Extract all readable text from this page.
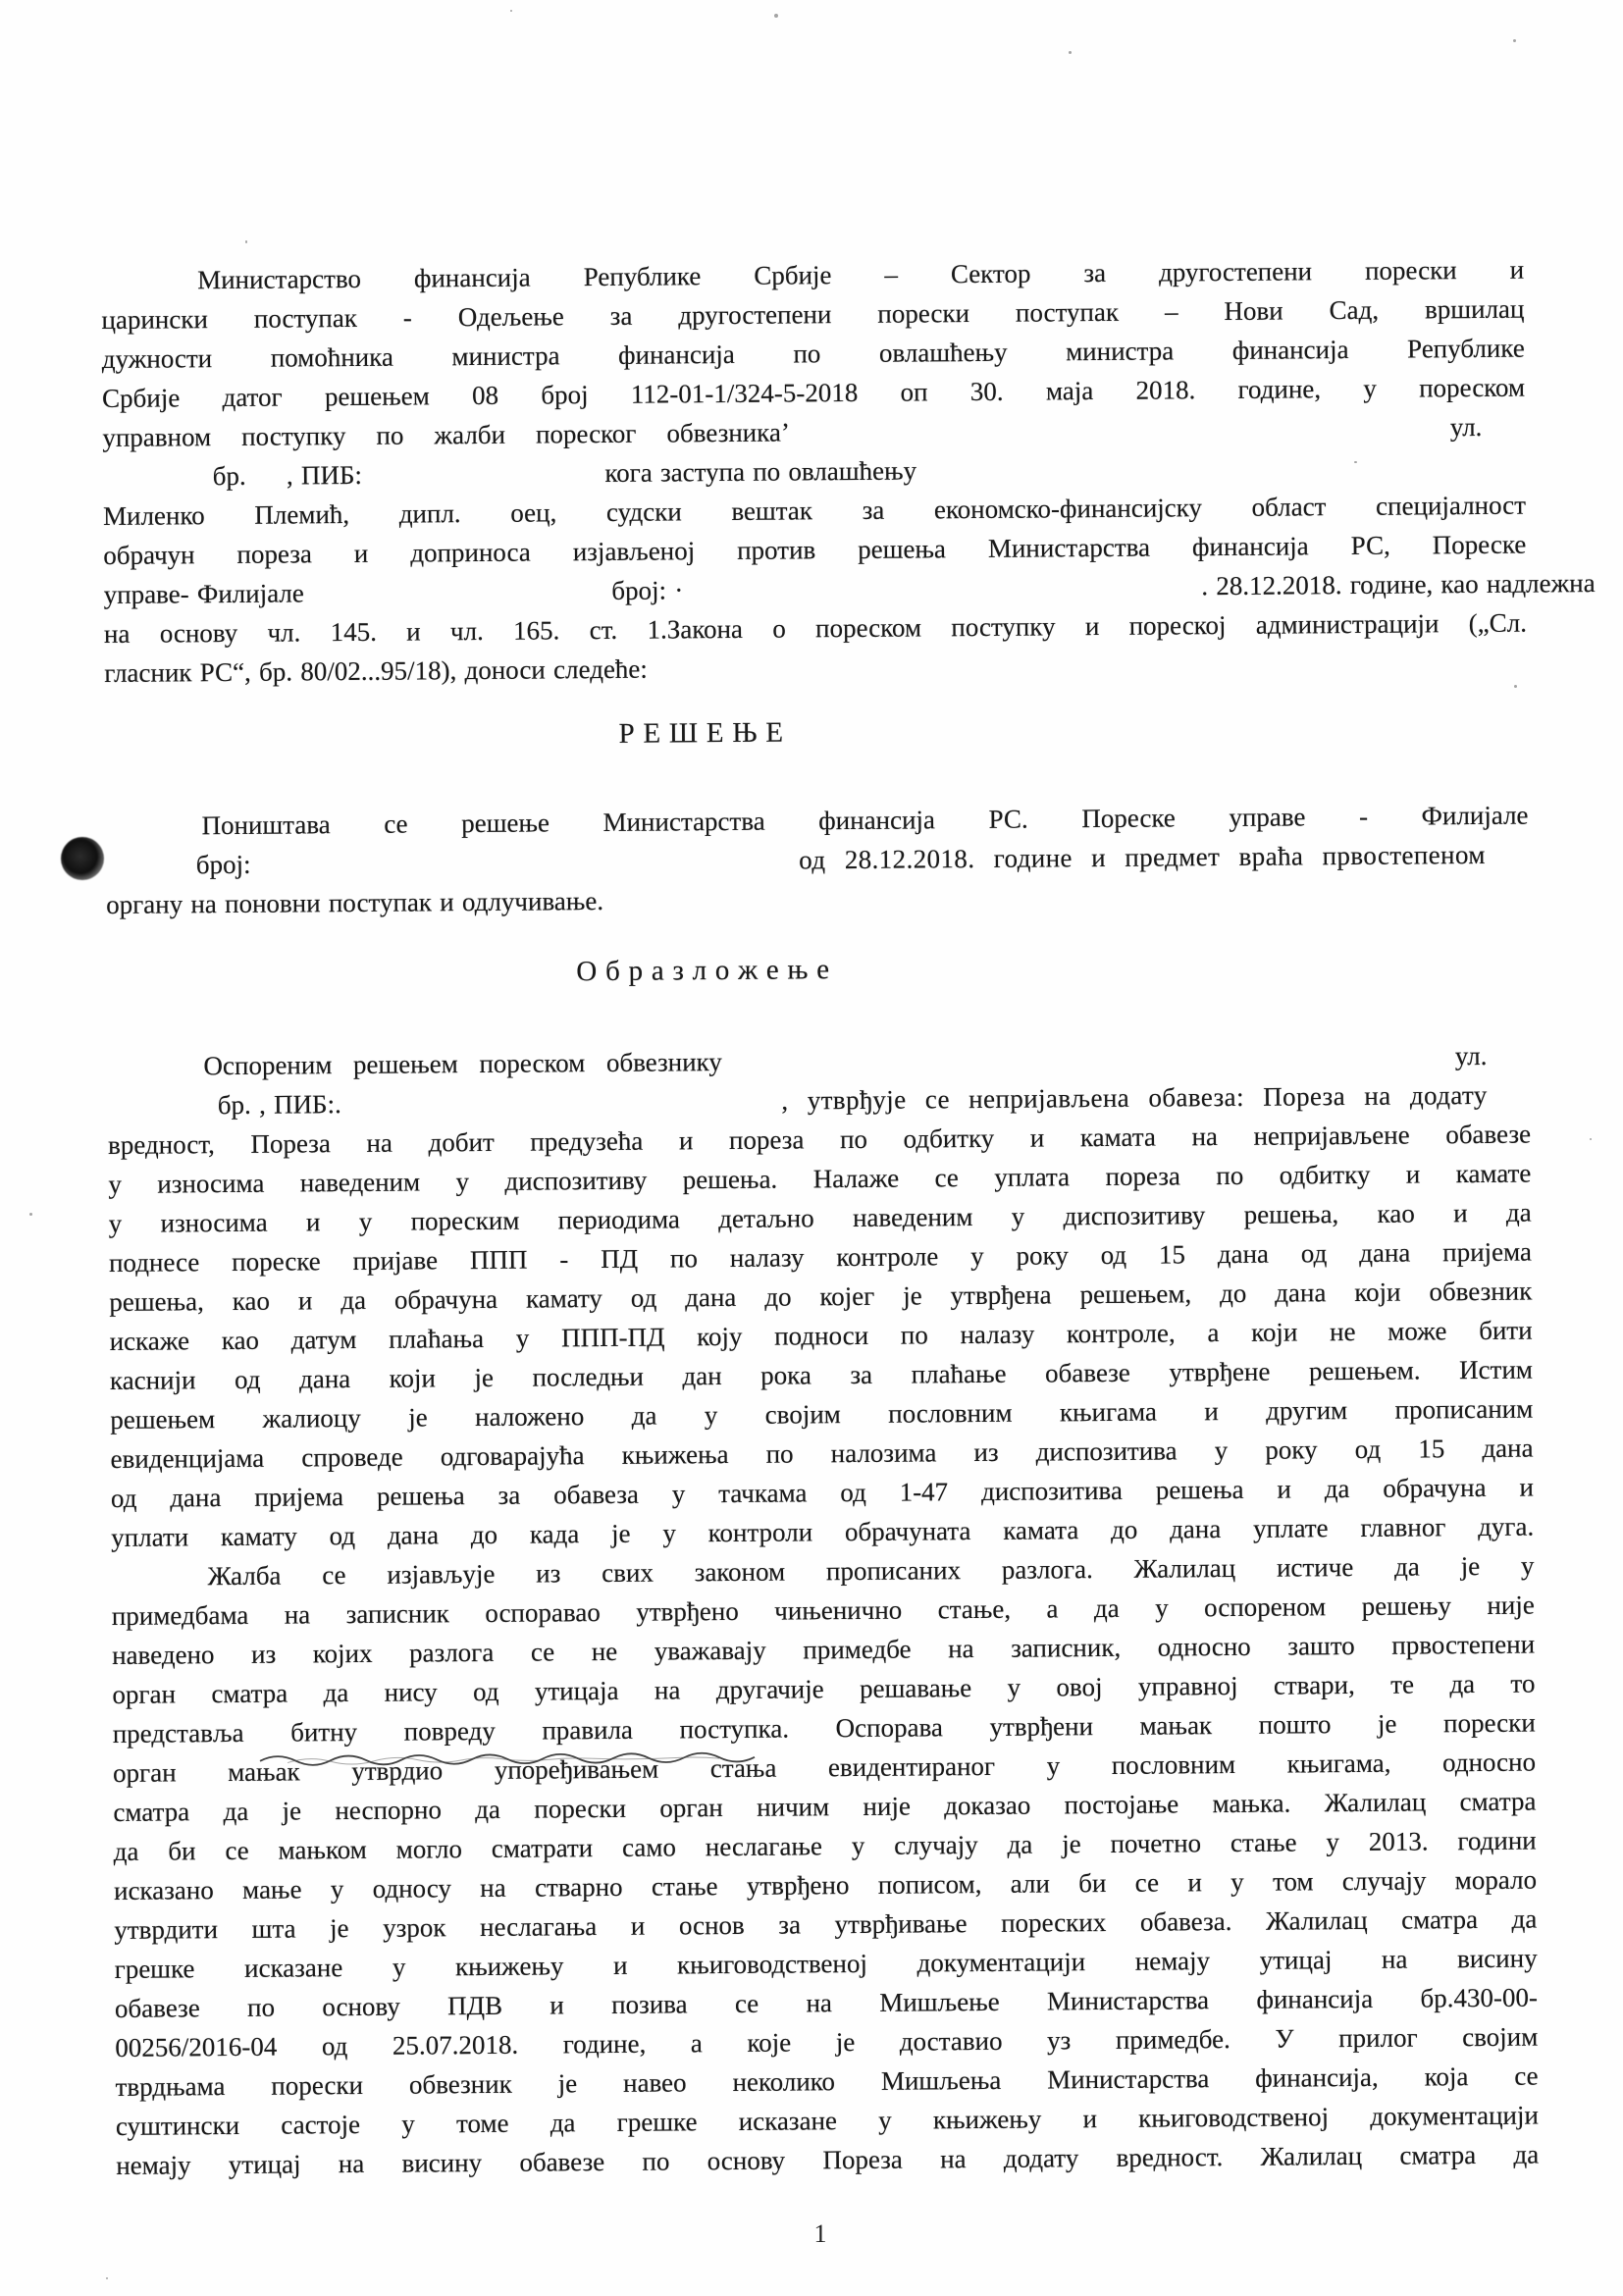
Министарство финансија Републике Србије – Сектор за другостепени порески и
царински поступак - Одељење за другостепени порески поступак – Нови Сад, вршилац
дужности помоћника министра финансија по овлашћењу министра финансија Републике
Србије датог решењем 08 број 112-01-1/324-5-2018 оп 30. маја 2018. године, у пореском
управном поступку по жалби пореског обвезника’	ул.
бр.     , ПИБ:                              кога заступа по овлашћењу
Миленко Племић, дипл. оец, судски вештак за економско-финансијску област специјалност
обрачун пореза и доприноса изјављеној против решења Министарства финансија РС, Пореске
управе- Филијале                                      број: ·                                                                . 28.12.2018. године, као надлежна
на основу чл. 145. и чл. 165. ст. 1.Закона о пореском поступку и пореској администрацији („Сл.
гласник РС“, бр. 80/02...95/18), доноси следеће:
Р Е Ш Е Њ Е
Поништава се решење Министарства финансија РС. Пореске управе - Филијале
број:	од 28.12.2018. године и предмет враћа првостепеном
органу на поновни поступак и одлучивање.
О б р а з л о ж е њ е
Оспореним решењем пореском обвезнику	ул.
бр. , ПИБ:.	, утврђује се непријављена обавеза: Пореза на додату
вредност, Пореза на добит предузећа и пореза по одбитку и камата на непријављене обавезе
у износима наведеним у диспозитиву решења. Налаже се уплата пореза по одбитку и камате
у износима и у пореским периодима детаљно наведеним у диспозитиву решења, као и да
поднесе пореске пријаве ППП - ПД по налазу контроле у року од 15 дана од дана пријема
решења, као и да обрачуна камату од дана до којег је утврђена решењем, до дана који обвезник
искаже као датум плаћања у ППП-ПД коју подноси по налазу контроле, а који не може бити
каснији од дана који је последњи дан рока за плаћање обавезе утврђене решењем. Истим
решењем жалиоцу је наложено да у својим пословним књигама и другим прописаним
евиденцијама спроведе одговарајућа књижења по налозима из диспозитива у року од 15 дана
од дана пријема решења за обавеза у тачкама од 1-47 диспозитива решења и да обрачуна и
уплати камату од дана до када је у контроли обрачуната камата до дана уплате главног дуга.
Жалба се изјављује из свих законом прописаних разлога. Жалилац истиче да је у
примедбама на записник оспоравао утврђено чињенично стање, а да у оспореном решењу није
наведено из којих разлога се не уважавају примедбе на записник, односно зашто првостепени
орган сматра да нису од утицаја на другачије решавање у овој управној ствари, те да то
представља битну повреду правила поступка. Оспорава утврђени мањак пошто је порески
орган мањак утврдио упоређивањем стања евидентираног у пословним књигама, односно
сматра да је неспорно да порески орган ничим није доказао постојање мањка. Жалилац сматра
да би се мањком могло сматрати само неслагање у случају да је почетно стање у 2013. години
исказано мање у односу на стварно стање утврђено пописом, али би се и у том случају морало
утврдити шта је узрок неслагања и основ за утврђивање пореских обавеза. Жалилац сматра да
грешке исказане у књижењу и књиговодственој документацији немају утицај на висину
обавезе по основу ПДВ и позива се на Мишљење Министарства финансија бр.430-00-
00256/2016-04 од 25.07.2018. године, а које је доставио уз примедбе. У прилог својим
тврдњама порески обвезник је навео неколико Мишљења Министарства финансија, која се
суштински састоје у томе да грешке исказане у књижењу и књиговодственој документацији
немају утицај на висину обавезе по основу Пореза на додату вредност. Жалилац сматра да
1
